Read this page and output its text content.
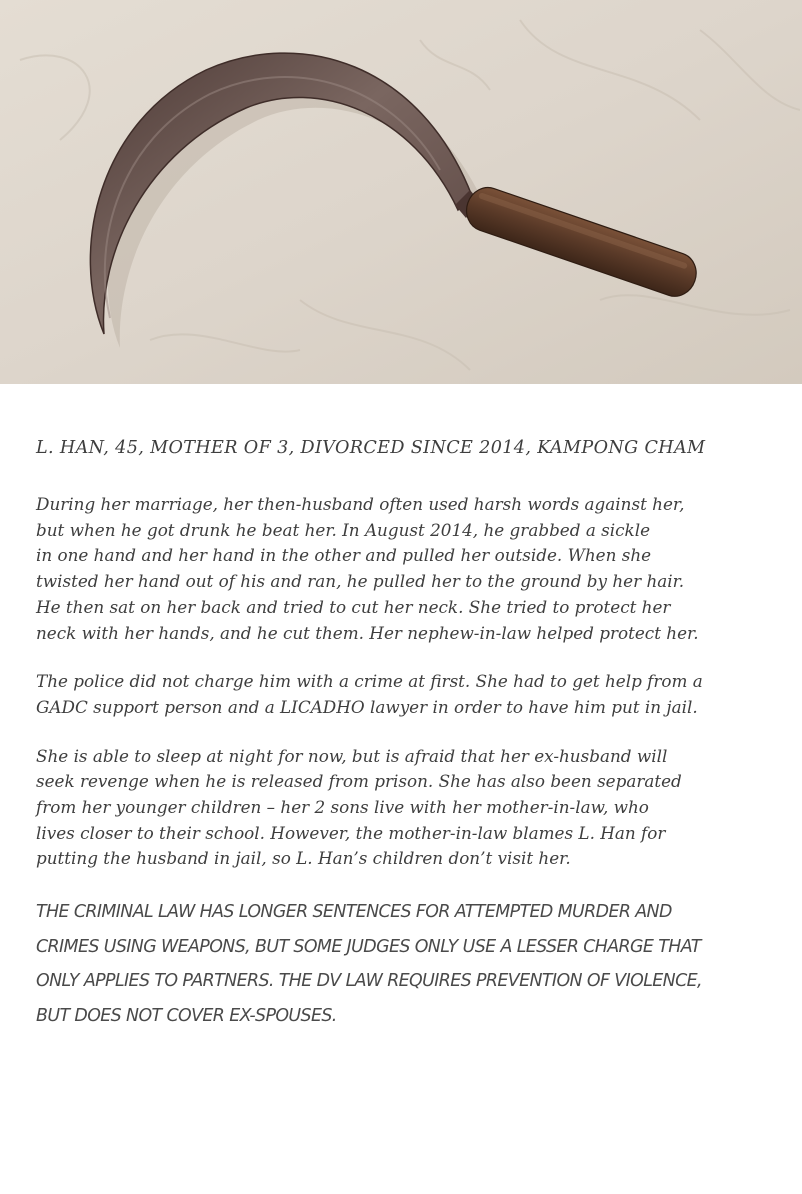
L. HAN, 45, MOTHER OF 3, DIVORCED SINCE 2014, KAMPONG CHAM
During her marriage, her then-husband often used harsh words against her,
but when he got drunk he beat her. In August 2014, he grabbed a sickle
in one hand and her hand in the other and pulled her outside. When she
twisted her hand out of his and ran, he pulled her to the ground by her hair.
He then sat on her back and tried to cut her neck. She tried to protect her
neck with her hands, and he cut them. Her nephew-in-law helped protect her.
The police did not charge him with a crime at first. She had to get help from a
GADC support person and a LICADHO lawyer in order to have him put in jail.
She is able to sleep at night for now, but is afraid that her ex-husband will
seek revenge when he is released from prison. She has also been separated
from her younger children – her 2 sons live with her mother-in-law, who
lives closer to their school. However, the mother-in-law blames L. Han for
putting the husband in jail, so L. Han’s children don’t visit her.
THE CRIMINAL LAW HAS LONGER SENTENCES FOR ATTEMPTED MURDER AND
CRIMES USING WEAPONS, BUT SOME JUDGES ONLY USE A LESSER CHARGE THAT
ONLY APPLIES TO PARTNERS. THE DV LAW REQUIRES PREVENTION OF VIOLENCE,
BUT DOES NOT COVER EX-SPOUSES.
